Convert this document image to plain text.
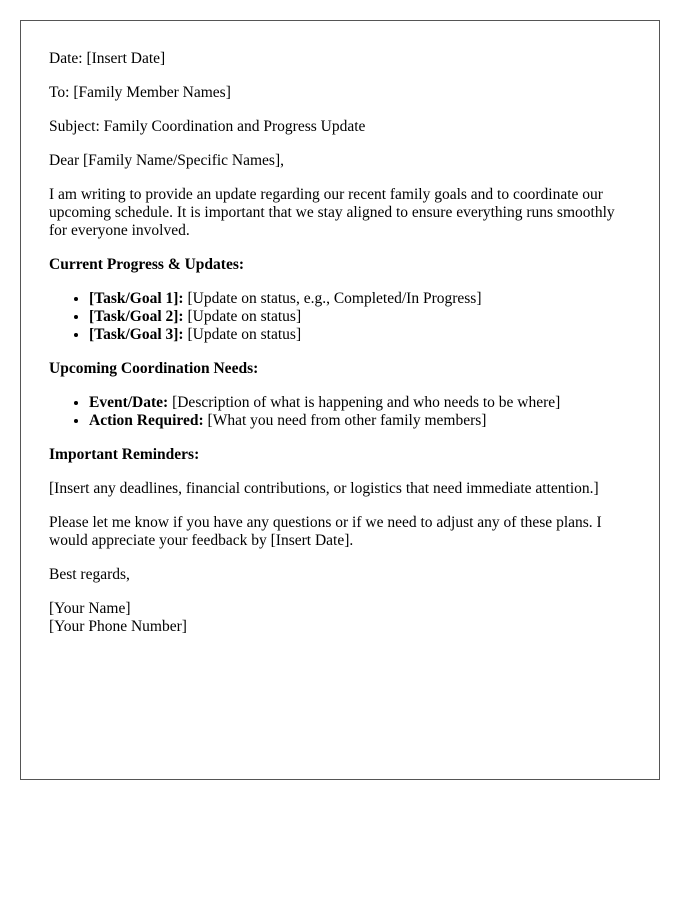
Date: [Insert Date]

To: [Family Member Names]

Subject: Family Coordination and Progress Update

Dear [Family Name/Specific Names],

I am writing to provide an update regarding our recent family goals and to coordinate our upcoming schedule. It is important that we stay aligned to ensure everything runs smoothly for everyone involved.

Current Progress & Updates:
• [Task/Goal 1]: [Update on status, e.g., Completed/In Progress]
• [Task/Goal 2]: [Update on status]
• [Task/Goal 3]: [Update on status]
Upcoming Coordination Needs:
• Event/Date: [Description of what is happening and who needs to be where]
• Action Required: [What you need from other family members]
Important Reminders:

[Insert any deadlines, financial contributions, or logistics that need immediate attention.]

Please let me know if you have any questions or if we need to adjust any of these plans. I would appreciate your feedback by [Insert Date].

Best regards,

[Your Name]
[Your Phone Number]
